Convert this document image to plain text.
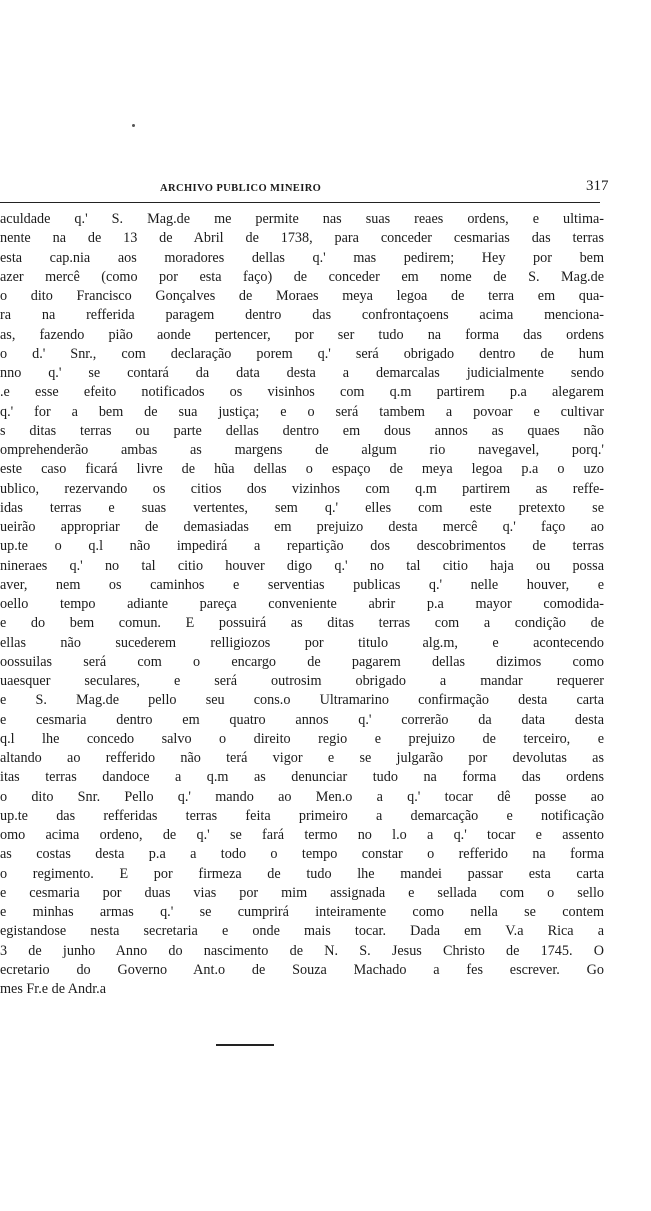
ARCHIVO PUBLICO MINEIRO	317
aculdade q.' S. Mag.de me permite nas suas reaes ordens, e ultima-
nente na de 13 de Abril de 1738, para conceder cesmarias das terras
esta cap.nia aos moradores dellas q.' mas pedirem; Hey por bem
azer mercê (como por esta faço) de conceder em nome de S. Mag.de
o dito Francisco Gonçalves de Moraes meya legoa de terra em qua-
ra na refferida paragem dentro das confrontaçoens acima menciona-
as, fazendo pião aonde pertencer, por ser tudo na forma das ordens
o d.' Snr., com declaração porem q.' será obrigado dentro de hum
nno q.' se contará da data desta a demarcalas judicialmente sendo
.e esse efeito notificados os visinhos com q.m partirem p.a alegarem
q.' for a bem de sua justiça; e o será tambem a povoar e cultivar
s ditas terras ou parte dellas dentro em dous annos as quaes não
omprehenderão ambas as margens de algum rio navegavel, porq.'
este caso ficará livre de hũa dellas o espaço de meya legoa p.a o uzo
ublico, rezervando os citios dos vizinhos com q.m partirem as reffe-
idas terras e suas vertentes, sem q.' elles com este pretexto se
ueirão appropriar de demasiadas em prejuizo desta mercê q.' faço ao
up.te o q.l não impedirá a repartição dos descobrimentos de terras
nineraes q.' no tal citio houver digo q.' no tal citio haja ou possa
aver, nem os caminhos e serventias publicas q.' nelle houver, e
oello tempo adiante pareça conveniente abrir p.a mayor comodida-
e do bem comun. E possuirá as ditas terras com a condição de
ellas não sucederem relligiozos por titulo alg.m, e acontecendo
oossuilas será com o encargo de pagarem dellas dizimos como
uaesquer seculares, e será outrosim obrigado a mandar requerer
e S. Mag.de pello seu cons.o Ultramarino confirmação desta carta
e cesmaria dentro em quatro annos q.' correrão da data desta
q.l lhe concedo salvo o direito regio e prejuizo de terceiro, e
altando ao refferido não terá vigor e se julgarão por devolutas as
itas terras dandoce a q.m as denunciar tudo na forma das ordens
o dito Snr. Pello q.' mando ao Men.o a q.' tocar dê posse ao
up.te das refferidas terras feita primeiro a demarcação e notificação
omo acima ordeno, de q.' se fará termo no l.o a q.' tocar e assento
as costas desta p.a a todo o tempo constar o refferido na forma
o regimento. E por firmeza de tudo lhe mandei passar esta carta
e cesmaria por duas vias por mim assignada e sellada com o sello
e minhas armas q.' se cumprirá inteiramente como nella se contem
egistandose nesta secretaria e onde mais tocar. Dada em V.a Rica a
3 de junho Anno do nascimento de N. S. Jesus Christo de 1745. O
ecretario do Governo Ant.o de Souza Machado a fes escrever. Go
mes Fr.e de Andr.a
